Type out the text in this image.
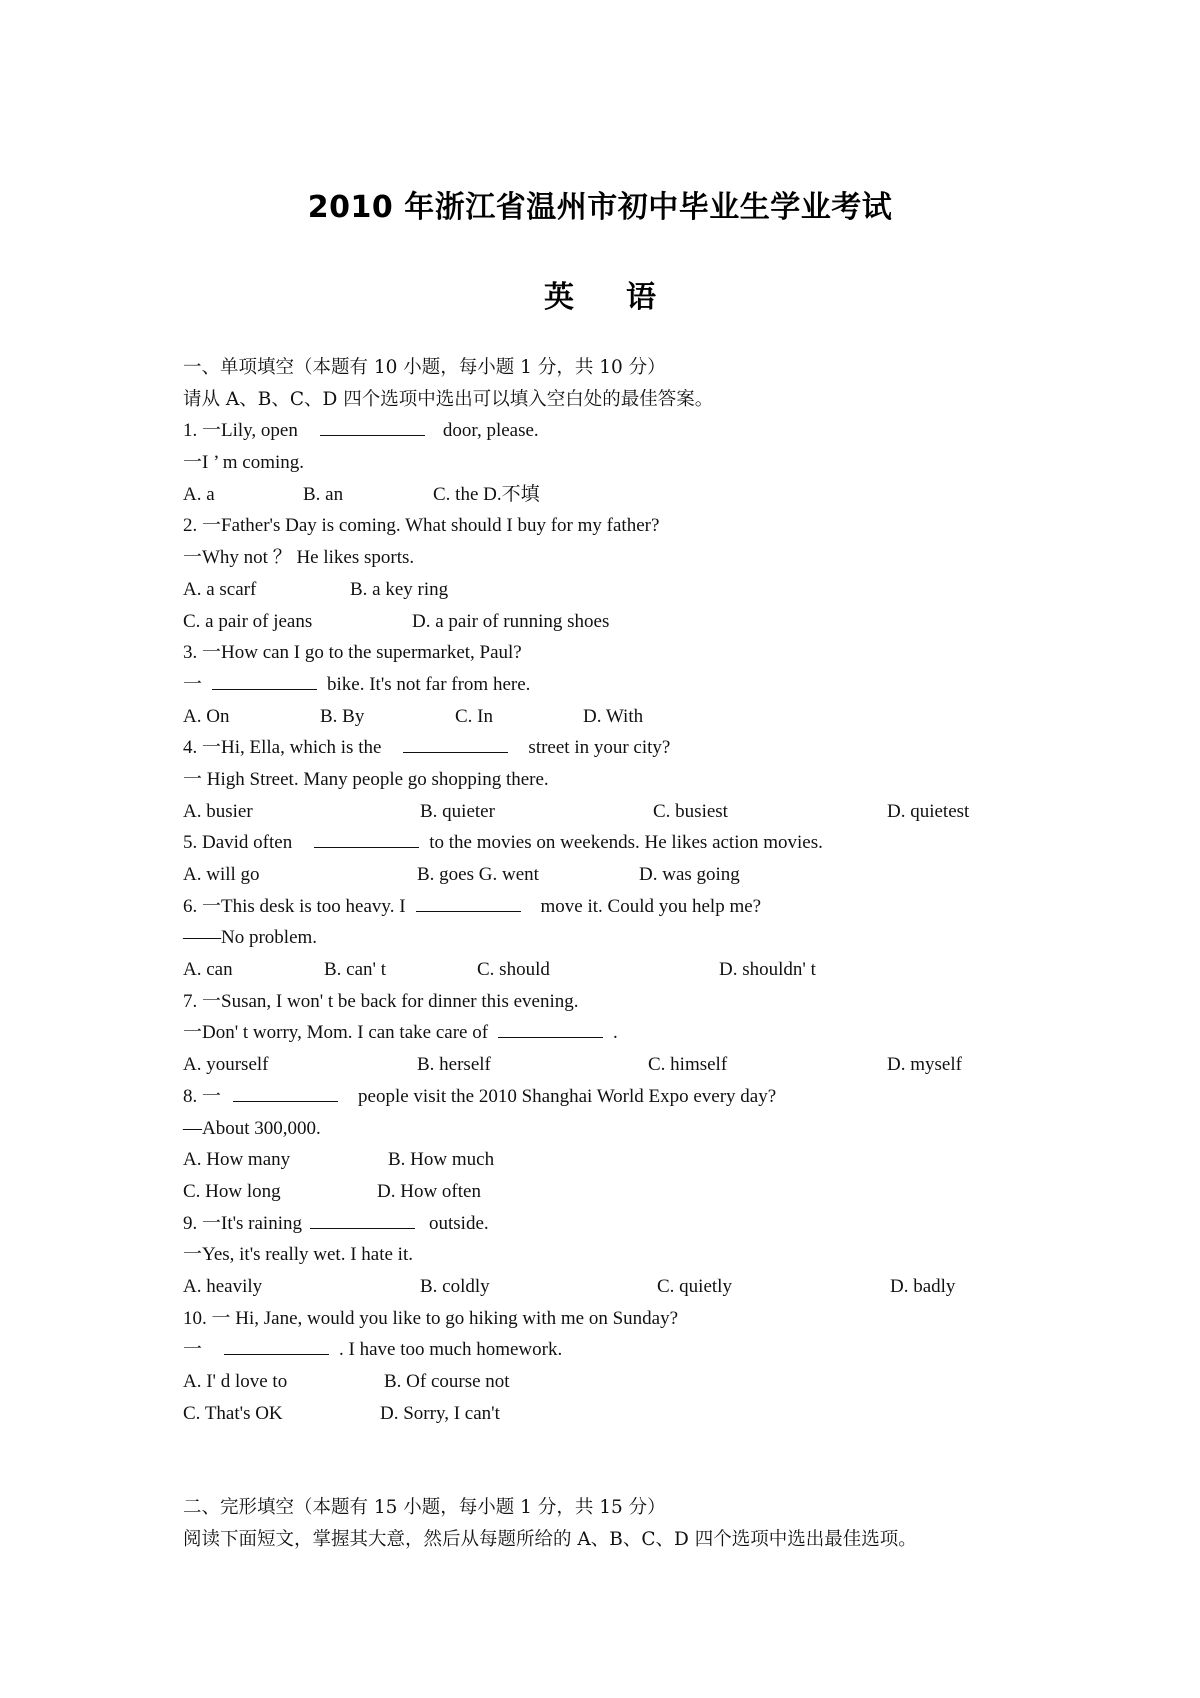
2010 年浙江省温州市初中毕业生学业考试
英 语
一、单项填空（本题有 10 小题，每小题 1 分，共 10 分）
请从 A、B、C、D 四个选项中选出可以填入空白处的最佳答案。
1. 一Lily, open	door, please.
一I ’ m coming.
A. a	B. an	C. the D.不填
2. 一Father's Day is coming. What should I buy for my father?
一Why not ？ He likes sports.
A. a scarf	B. a key ring
C. a pair of jeans	D. a pair of running shoes
3. 一How can I go to the supermarket, Paul?
一	bike. It's not far from here.
A. On	B. By	C. In	D. With
4. 一Hi, Ella, which is the	street in your city?
一 High Street. Many people go shopping there.
A. busier	B. quieter	C. busiest	D. quietest
5. David often	to the movies on weekends. He likes action movies.
A. will go	B. goes G. went	D. was going
6. 一This desk is too heavy. I	move it. Could you help me?
——No problem.
A. can	B. can' t	C. should	D. shouldn' t
7. 一Susan, I won' t be back for dinner this evening.
一Don' t worry, Mom. I can take care of	.
A. yourself	B. herself	C. himself	D. myself
8. 一	people visit the 2010 Shanghai World Expo every day?
—About 300,000.
A. How many	B. How much
C. How long	D. How often
9. 一It's raining	outside.
一Yes, it's really wet. I hate it.
A. heavily	B. coldly	C. quietly	D. badly
10. 一 Hi, Jane, would you like to go hiking with me on Sunday?
一	. I have too much homework.
A. I' d love to	B. Of course not
C. That's OK	D. Sorry, I can't
二、完形填空（本题有 15 小题，每小题 1 分，共 15 分）
阅读下面短文，掌握其大意，然后从每题所给的 A、B、C、D 四个选项中选出最佳选项。
